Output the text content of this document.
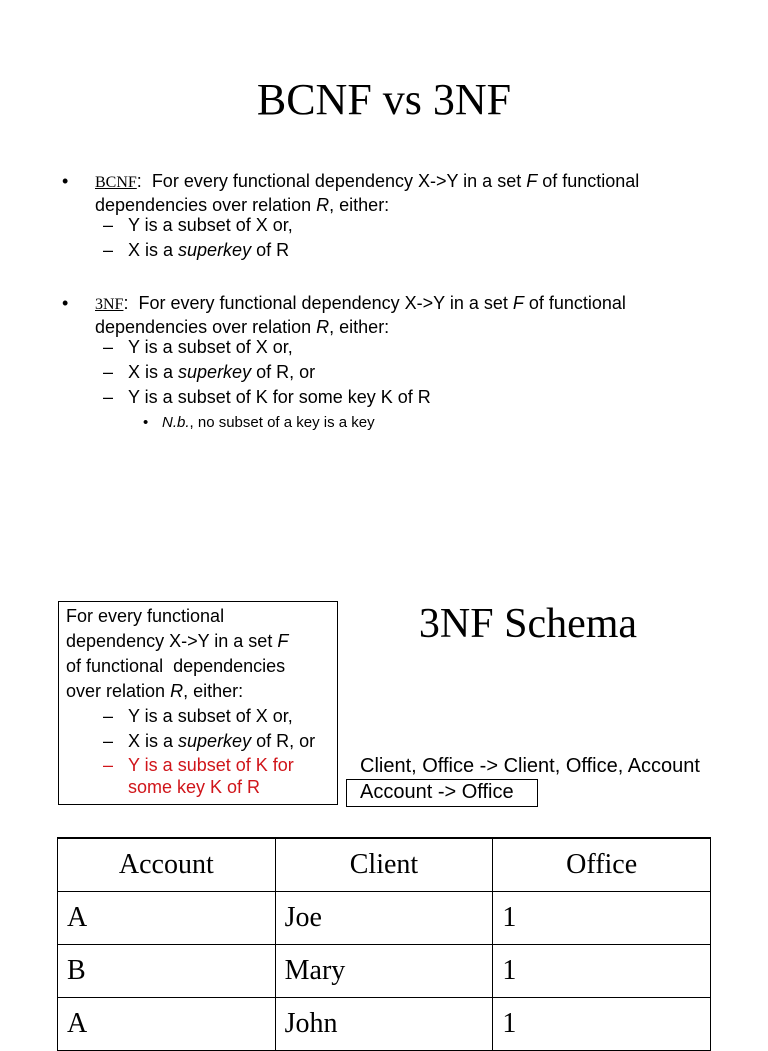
BCNF vs 3NF
• BCNF:  For every functional dependency X->Y in a set F of functional dependencies over relation R, either:
– Y is a subset of X or,
– X is a superkey of R
• 3NF:  For every functional dependency X->Y in a set F of functional dependencies over relation R, either:
– Y is a subset of X or,
– X is a superkey of R, or
– Y is a subset of K for some key K of R
• N.b., no subset of a key is a key
For every functional
dependency X->Y in a set F
of functional  dependencies
over relation R, either:
– Y is a subset of X or,
– X is a superkey of R, or
– Y is a subset of K for
some key K of R
3NF Schema
Client, Office -> Client, Office, Account
Account -> Office
Account	Client	Office
A	Joe	1
B	Mary	1
A	John	1
